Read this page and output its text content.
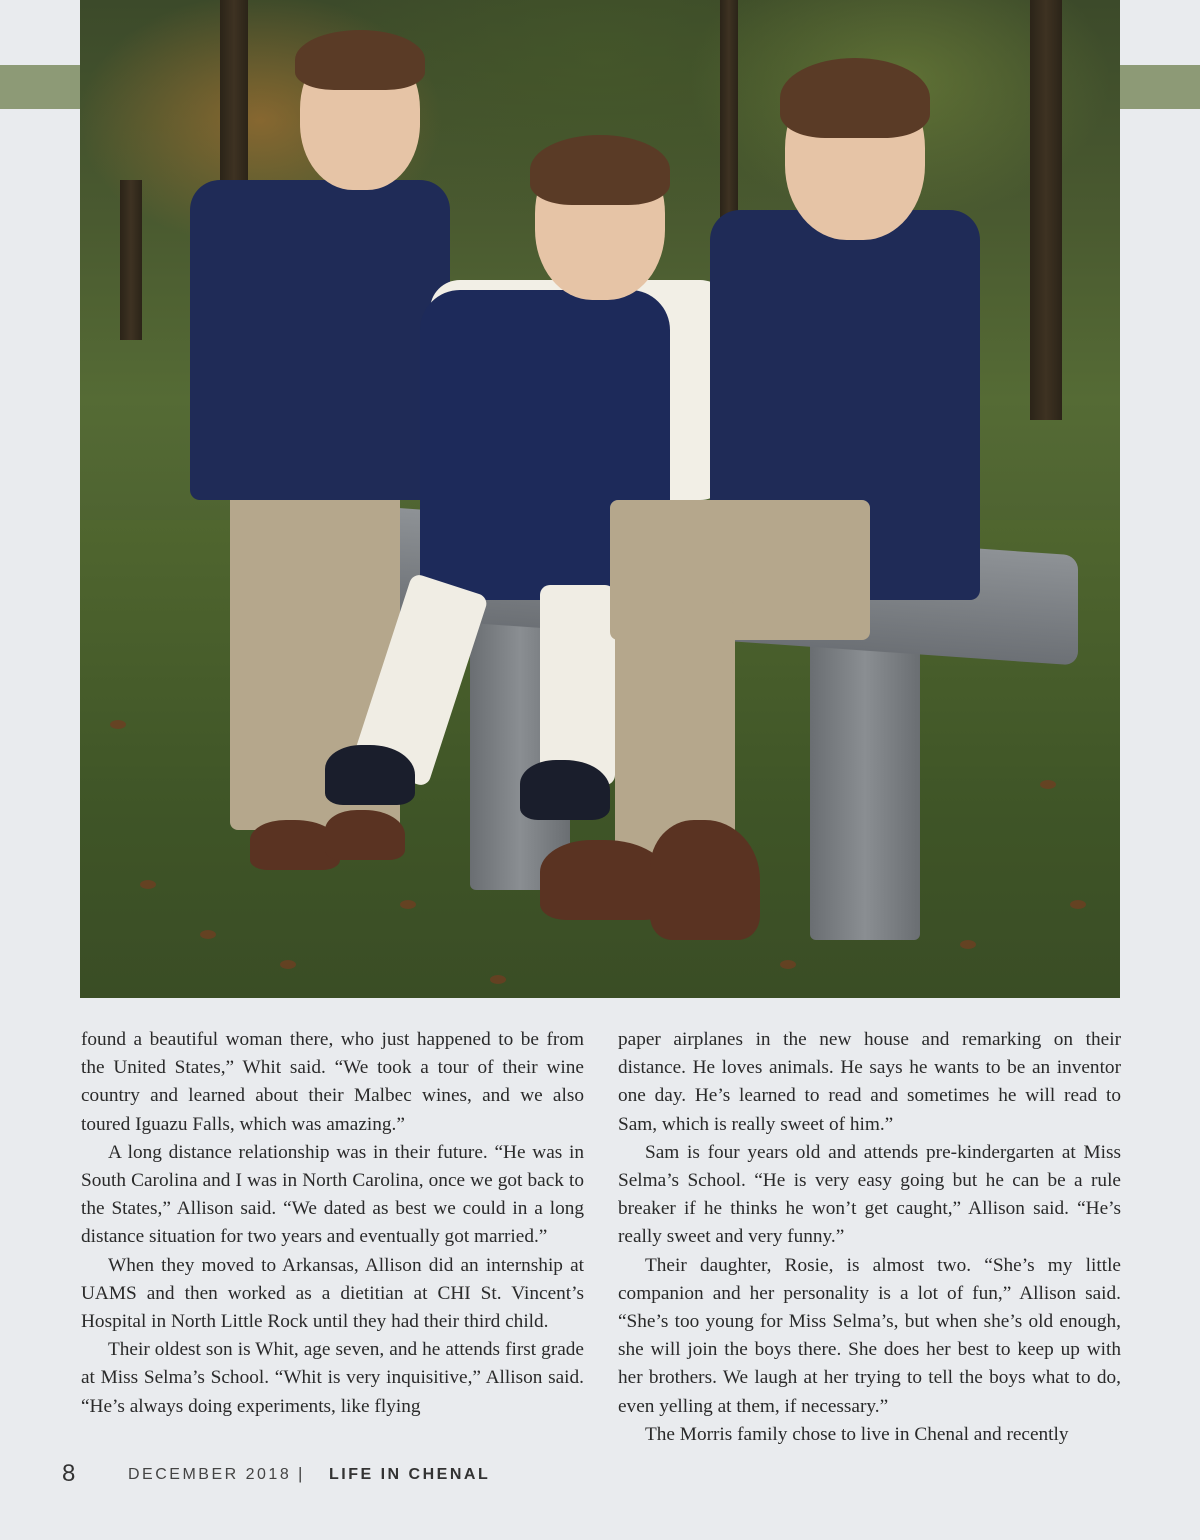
found a beautiful woman there, who just happened to be from the United States,” Whit said. “We took a tour of their wine country and learned about their Malbec wines, and we also toured Iguazu Falls, which was amazing.”

A long distance relationship was in their future. “He was in South Carolina and I was in North Carolina, once we got back to the States,” Allison said. “We dated as best we could in a long distance situation for two years and eventually got married.”

When they moved to Arkansas, Allison did an internship at UAMS and then worked as a dietitian at CHI St. Vincent’s Hospital in North Little Rock until they had their third child.

Their oldest son is Whit, age seven, and he attends first grade at Miss Selma’s School. “Whit is very inquisitive,” Allison said. “He’s always doing experiments, like flying

paper airplanes in the new house and remarking on their distance. He loves animals. He says he wants to be an inventor one day. He’s learned to read and sometimes he will read to Sam, which is really sweet of him.”

Sam is four years old and attends pre-kindergarten at Miss Selma’s School. “He is very easy going but he can be a rule breaker if he thinks he won’t get caught,” Allison said. “He’s really sweet and very funny.”

Their daughter, Rosie, is almost two. “She’s my little companion and her personality is a lot of fun,” Allison said. “She’s too young for Miss Selma’s, but when she’s old enough, she will join the boys there. She does her best to keep up with her brothers. We laugh at her trying to tell the boys what to do, even yelling at them, if necessary.”

The Morris family chose to live in Chenal and recently

8	DECEMBER 2018 | LIFE IN CHENAL
